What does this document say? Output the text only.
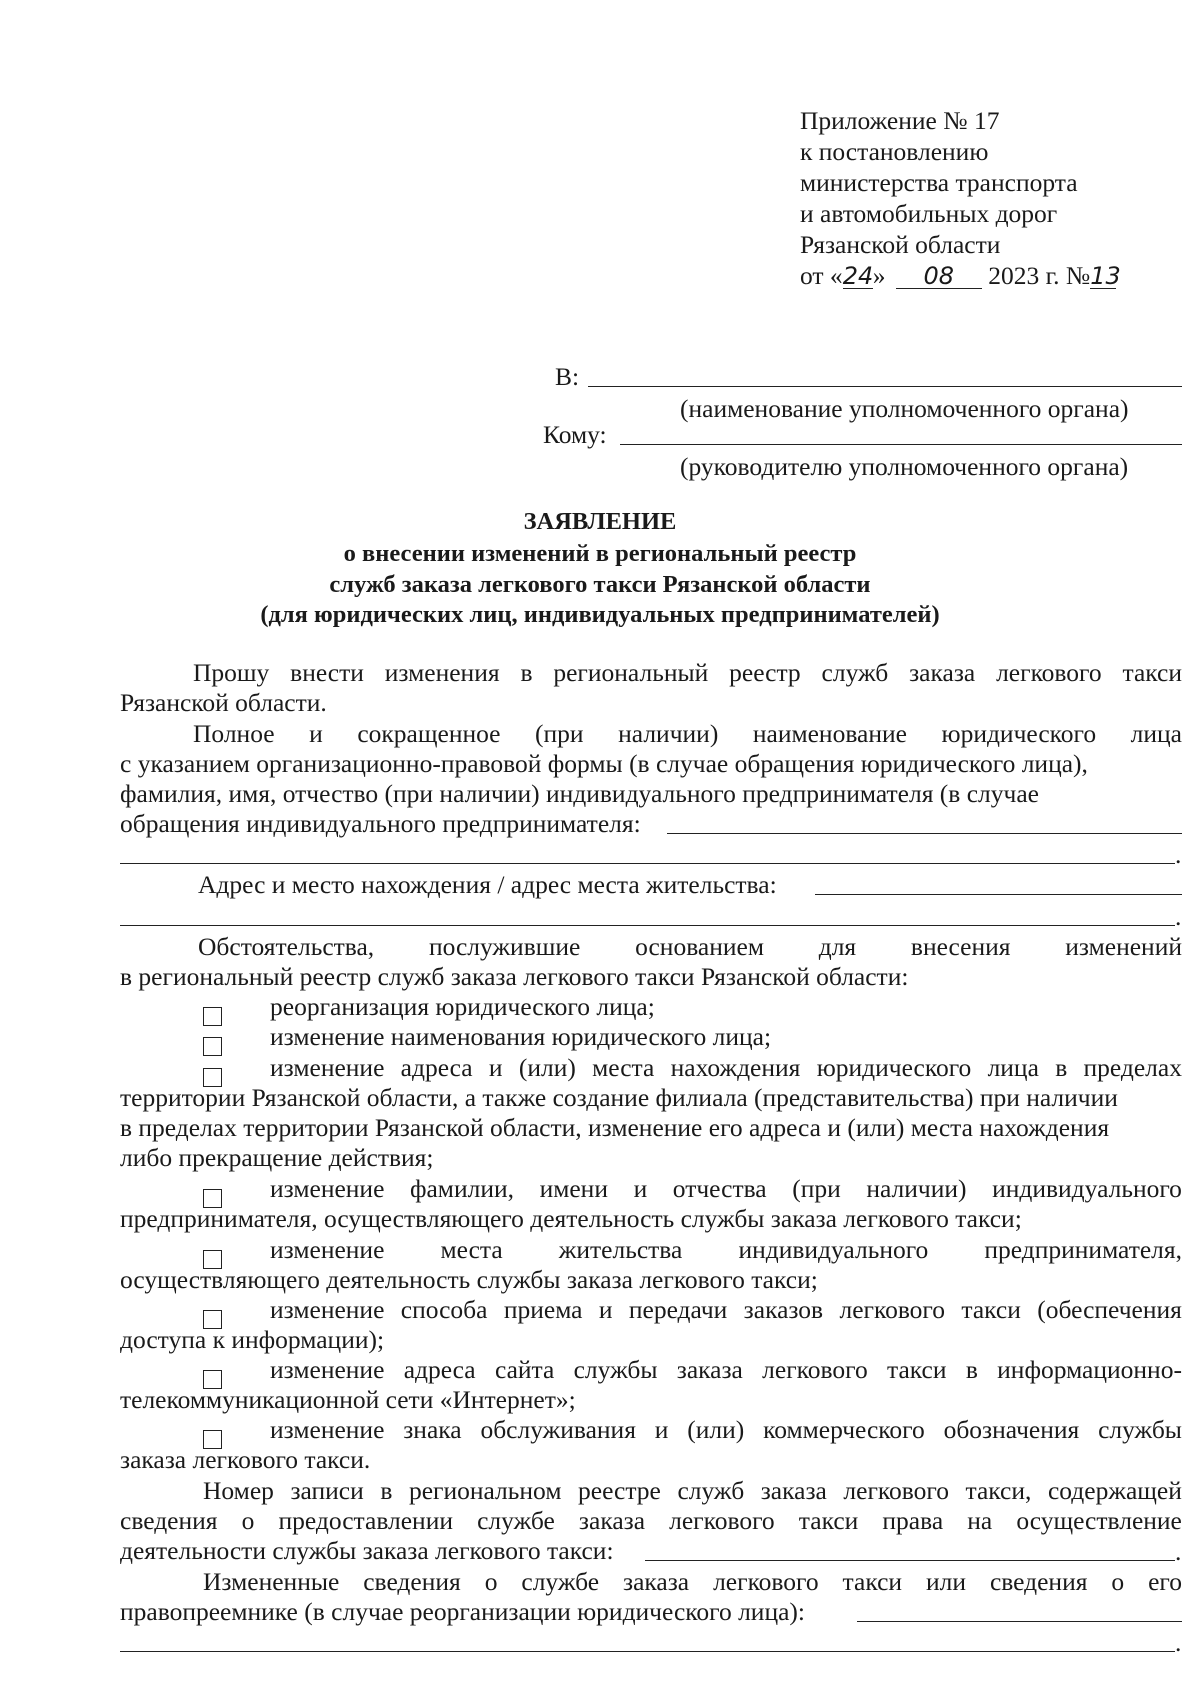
Приложение № 17
к постановлению
министерства транспорта
и автомобильных дорог
Рязанской области
от «24
» 08 2023 г. №13
В:
(наименование уполномоченного органа)
Кому:
(руководителю уполномоченного органа)
ЗАЯВЛЕНИЕ
о внесении изменений в региональный реестр
служб заказа легкового такси Рязанской области
(для юридических лиц, индивидуальных предпринимателей)
Прошу внести изменения в региональный реестр служб заказа легкового такси
Рязанской области.
Полное и сокращенное (при наличии) наименование юридического лица
с указанием организационно-правовой формы (в случае обращения юридического лица),
фамилия, имя, отчество (при наличии) индивидуального предпринимателя (в случае
обращения индивидуального предпринимателя:
.
Адрес и место нахождения / адрес места жительства:
.
Обстоятельства, послужившие основанием для внесения изменений
в региональный реестр служб заказа легкового такси Рязанской области:
реорганизация юридического лица;
изменение наименования юридического лица;
изменение адреса и (или) места нахождения юридического лица в пределах
территории Рязанской области, а также создание филиала (представительства) при наличии
в пределах территории Рязанской области, изменение его адреса и (или) места нахождения
либо прекращение действия;
изменение фамилии, имени и отчества (при наличии) индивидуального
предпринимателя, осуществляющего деятельность службы заказа легкового такси;
изменение места жительства индивидуального предпринимателя,
осуществляющего деятельность службы заказа легкового такси;
изменение способа приема и передачи заказов легкового такси (обеспечения
доступа к информации);
изменение адреса сайта службы заказа легкового такси в информационно-
телекоммуникационной сети «Интернет»;
изменение знака обслуживания и (или) коммерческого обозначения службы
заказа легкового такси.
Номер записи в региональном реестре служб заказа легкового такси, содержащей
сведения о предоставлении службе заказа легкового такси права на осуществление
деятельности службы заказа легкового такси:	.
Измененные сведения о службе заказа легкового такси или сведения о его
правопреемнике (в случае реорганизации юридического лица):
.
